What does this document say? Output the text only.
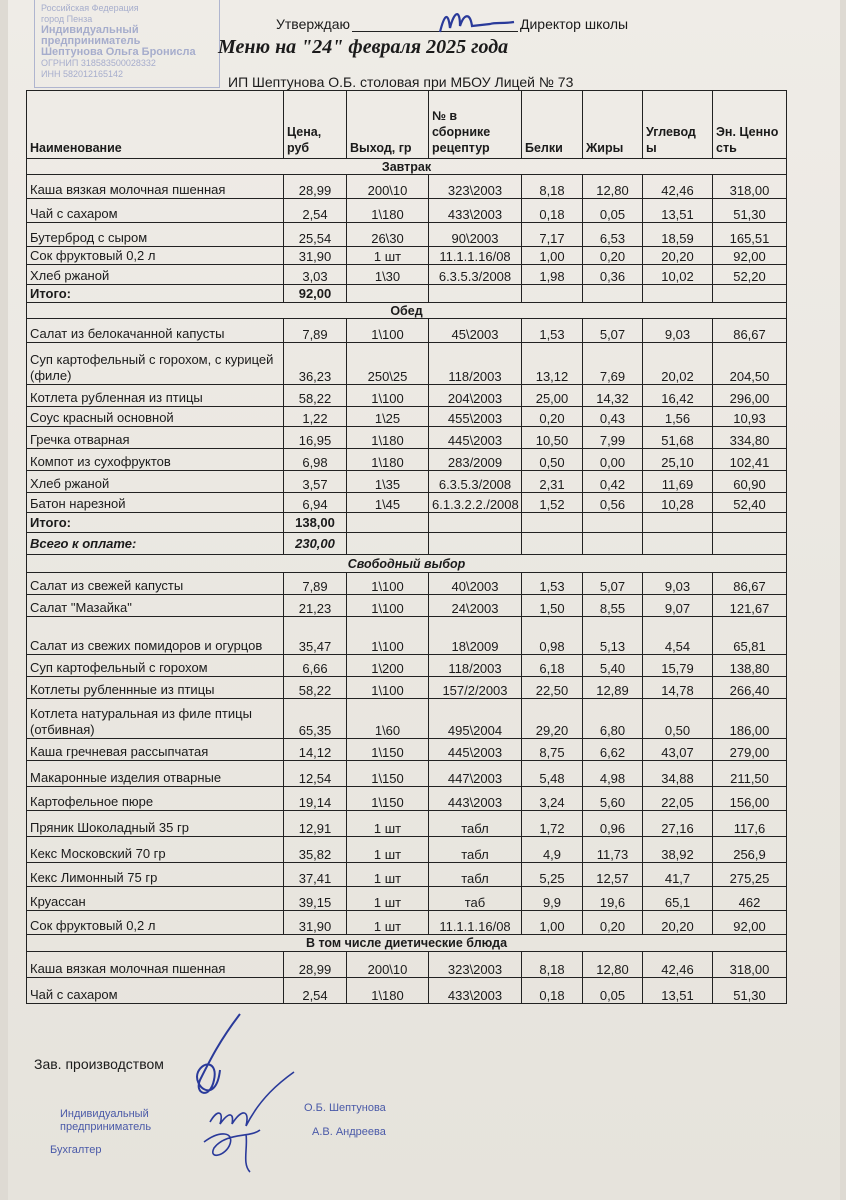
Российская Федерация
город Пенза
Индивидуальный предприниматель
Шептунова Ольга Бронисла
ОГРНИП 318583500028332
ИНН 582012165142
Утверждаю	Директор школы
Меню на "24" февраля 2025 года
ИП Шептунова О.Б. столовая при МБОУ Лицей № 73
Наименование	Цена, руб	Выход, гр	№ в сборнике рецептур	Белки	Жиры	Углевод ы	Эн. Ценно сть
Завтрак							
Каша вязкая молочная пшенная	28,99	200\10	323\2003	8,18	12,80	42,46	318,00
Чай с сахаром	2,54	1\180	433\2003	0,18	0,05	13,51	51,30
Бутерброд с сыром	25,54	26\30	90\2003	7,17	6,53	18,59	165,51
Сок фруктовый 0,2 л	31,90	1 шт	11.1.1.16/08	1,00	0,20	20,20	92,00
Хлеб ржаной	3,03	1\30	6.3.5.3/2008	1,98	0,36	10,02	52,20
Итого:	92,00						
Обед							
Салат из белокачанной капусты	7,89	1\100	45\2003	1,53	5,07	9,03	86,67
Суп картофельный с горохом, с курицей (филе)	36,23	250\25	118/2003	13,12	7,69	20,02	204,50
Котлета рубленная из птицы	58,22	1\100	204\2003	25,00	14,32	16,42	296,00
Соус красный основной	1,22	1\25	455\2003	0,20	0,43	1,56	10,93
Гречка отварная	16,95	1\180	445\2003	10,50	7,99	51,68	334,80
Компот из сухофруктов	6,98	1\180	283/2009	0,50	0,00	25,10	102,41
Хлеб ржаной	3,57	1\35	6.3.5.3/2008	2,31	0,42	11,69	60,90
Батон нарезной	6,94	1\45	6.1.3.2.2./2008	1,52	0,56	10,28	52,40
Итого:	138,00						
Всего к оплате:	230,00						
Свободный выбор							
Салат из свежей капусты	7,89	1\100	40\2003	1,53	5,07	9,03	86,67
Салат "Мазайка"	21,23	1\100	24\2003	1,50	8,55	9,07	121,67
Салат из свежих помидоров и огурцов	35,47	1\100	18\2009	0,98	5,13	4,54	65,81
Суп картофельный с горохом	6,66	1\200	118/2003	6,18	5,40	15,79	138,80
Котлеты рубленнные из птицы	58,22	1\100	157/2/2003	22,50	12,89	14,78	266,40
Котлета натуральная из филе птицы (отбивная)	65,35	1\60	495\2004	29,20	6,80	0,50	186,00
Каша гречневая рассыпчатая	14,12	1\150	445\2003	8,75	6,62	43,07	279,00
Макаронные изделия отварные	12,54	1\150	447\2003	5,48	4,98	34,88	211,50
Картофельное пюре	19,14	1\150	443\2003	3,24	5,60	22,05	156,00
Пряник Шоколадный 35 гр	12,91	1 шт	табл	1,72	0,96	27,16	117,6
Кекс Московский 70 гр	35,82	1 шт	табл	4,9	11,73	38,92	256,9
Кекс Лимонный 75 гр	37,41	1 шт	табл	5,25	12,57	41,7	275,25
Круассан	39,15	1 шт	таб	9,9	19,6	65,1	462
Сок фруктовый 0,2 л	31,90	1 шт	11.1.1.16/08	1,00	0,20	20,20	92,00
В том числе диетические блюда							
Каша вязкая молочная пшенная	28,99	200\10	323\2003	8,18	12,80	42,46	318,00
Чай с сахаром	2,54	1\180	433\2003	0,18	0,05	13,51	51,30
Зав. производством
Индивидуальный
предприниматель
О.Б. Шептунова
Бухгалтер
А.В. Андреева
